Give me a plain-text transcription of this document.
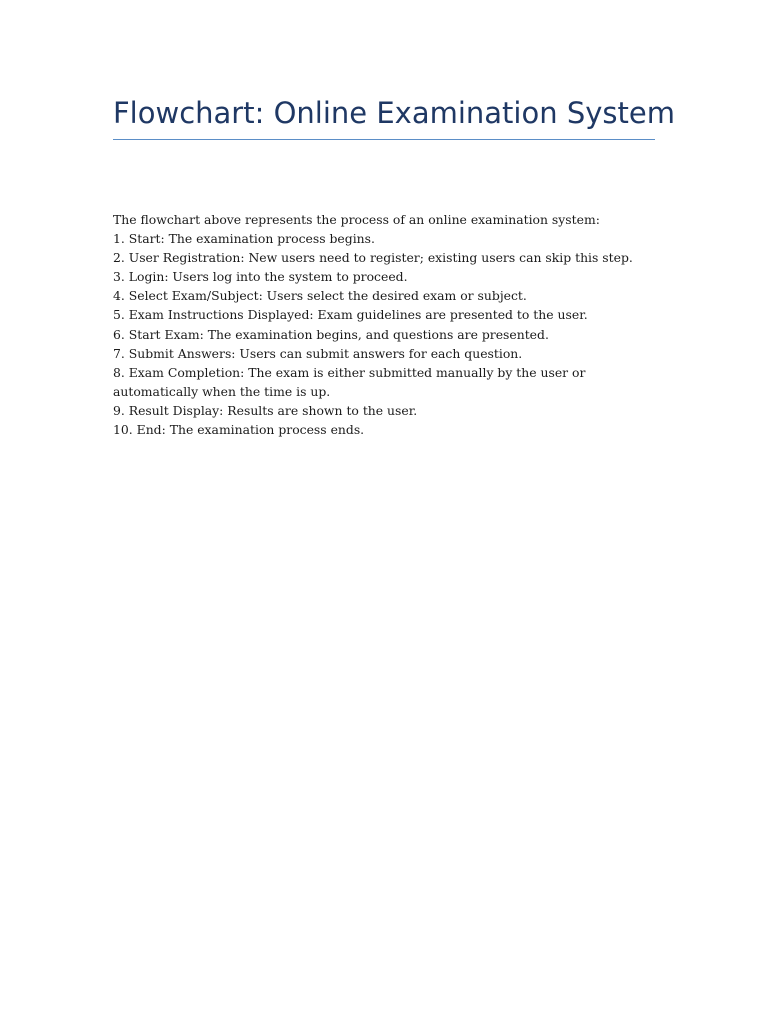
Flowchart: Online Examination System

The flowchart above represents the process of an online examination system:

1. Start: The examination process begins.

2. User Registration: New users need to register; existing users can skip this step.

3. Login: Users log into the system to proceed.

4. Select Exam/Subject: Users select the desired exam or subject.

5. Exam Instructions Displayed: Exam guidelines are presented to the user.

6. Start Exam: The examination begins, and questions are presented.

7. Submit Answers: Users can submit answers for each question.

8. Exam Completion: The exam is either submitted manually by the user or automatically when the time is up.

9. Result Display: Results are shown to the user.

10. End: The examination process ends.
